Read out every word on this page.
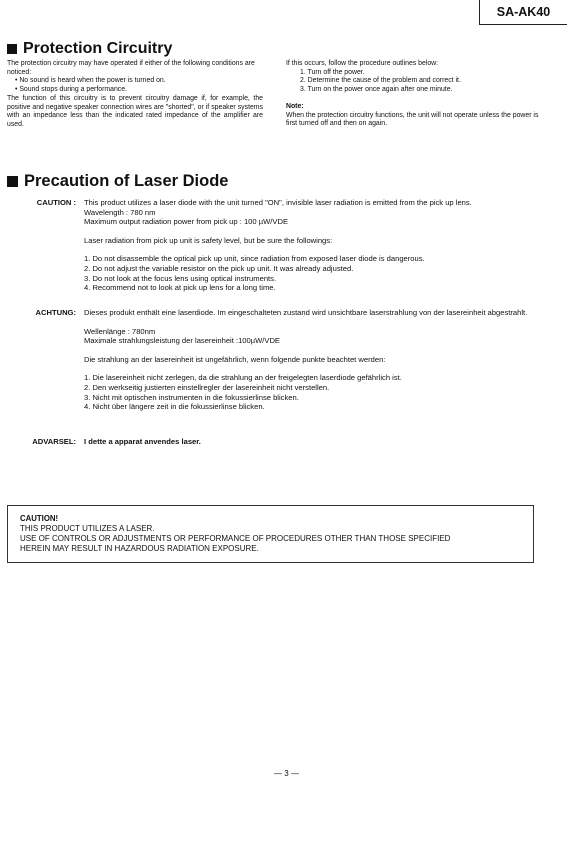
SA-AK40
Protection Circuitry
The protection circuitry may have operated if either of the following conditions are noticed:
• No sound is heard when the power is turned on.
• Sound stops during a performance.
The function of this circuitry is to prevent circuitry damage if, for example, the positive and negative speaker connection wires are "shorted", or if speaker systems with an impedance less than the indicated rated impedance of the amplifier are used.
If this occurs, follow the procedure outlines below:
1. Turn off the power.
2. Determine the cause of the problem and correct it.
3. Turn on the power once again after one minute.
Note:
When the protection circuitry functions, the unit will not operate unless the power is first turned off and then on again.
Precaution of Laser Diode
CAUTION :	This product utilizes a laser diode with the unit turned "ON", invisible laser radiation is emitted from the pick up lens.
Wavelength : 780 nm
Maximum output radiation power from pick up : 100 µW/VDE
Laser radiation from pick up unit is safety level, but be sure the followings:
1. Do not disassemble the optical pick up unit, since radiation from exposed laser diode is dangerous.
2. Do not adjust the variable resistor on the pick up unit. It was already adjusted.
3. Do not look at the focus lens using optical instruments.
4. Recommend not to look at pick up lens for a long time.
ACHTUNG:	Dieses produkt enthält eine laserdiode. Im eingeschalteten zustand wird unsichtbare laserstrahlung von der lasereinheit abgestrahlt.
Wellenlänge : 780nm
Maximale strahlungsleistung der lasereinheit :100µW/VDE
Die strahlung an der lasereinheit ist ungefährlich, wenn folgende punkte beachtet werden:
1. Die lasereinheit nicht zerlegen, da die strahlung an der freigelegten laserdiode gefährlich ist.
2. Den werkseitig justierten einstellregler der lasereinheit nicht verstellen.
3. Nicht mit optischen instrumenten in die fokussierlinse blicken.
4. Nicht über längere zeit in die fokussierlinse blicken.
ADVARSEL:	I dette a apparat anvendes laser.
CAUTION!
THIS PRODUCT UTILIZES A LASER.
USE OF CONTROLS OR ADJUSTMENTS OR PERFORMANCE OF PROCEDURES OTHER THAN THOSE SPECIFIED
HEREIN MAY RESULT IN HAZARDOUS RADIATION EXPOSURE.
— 3 —
